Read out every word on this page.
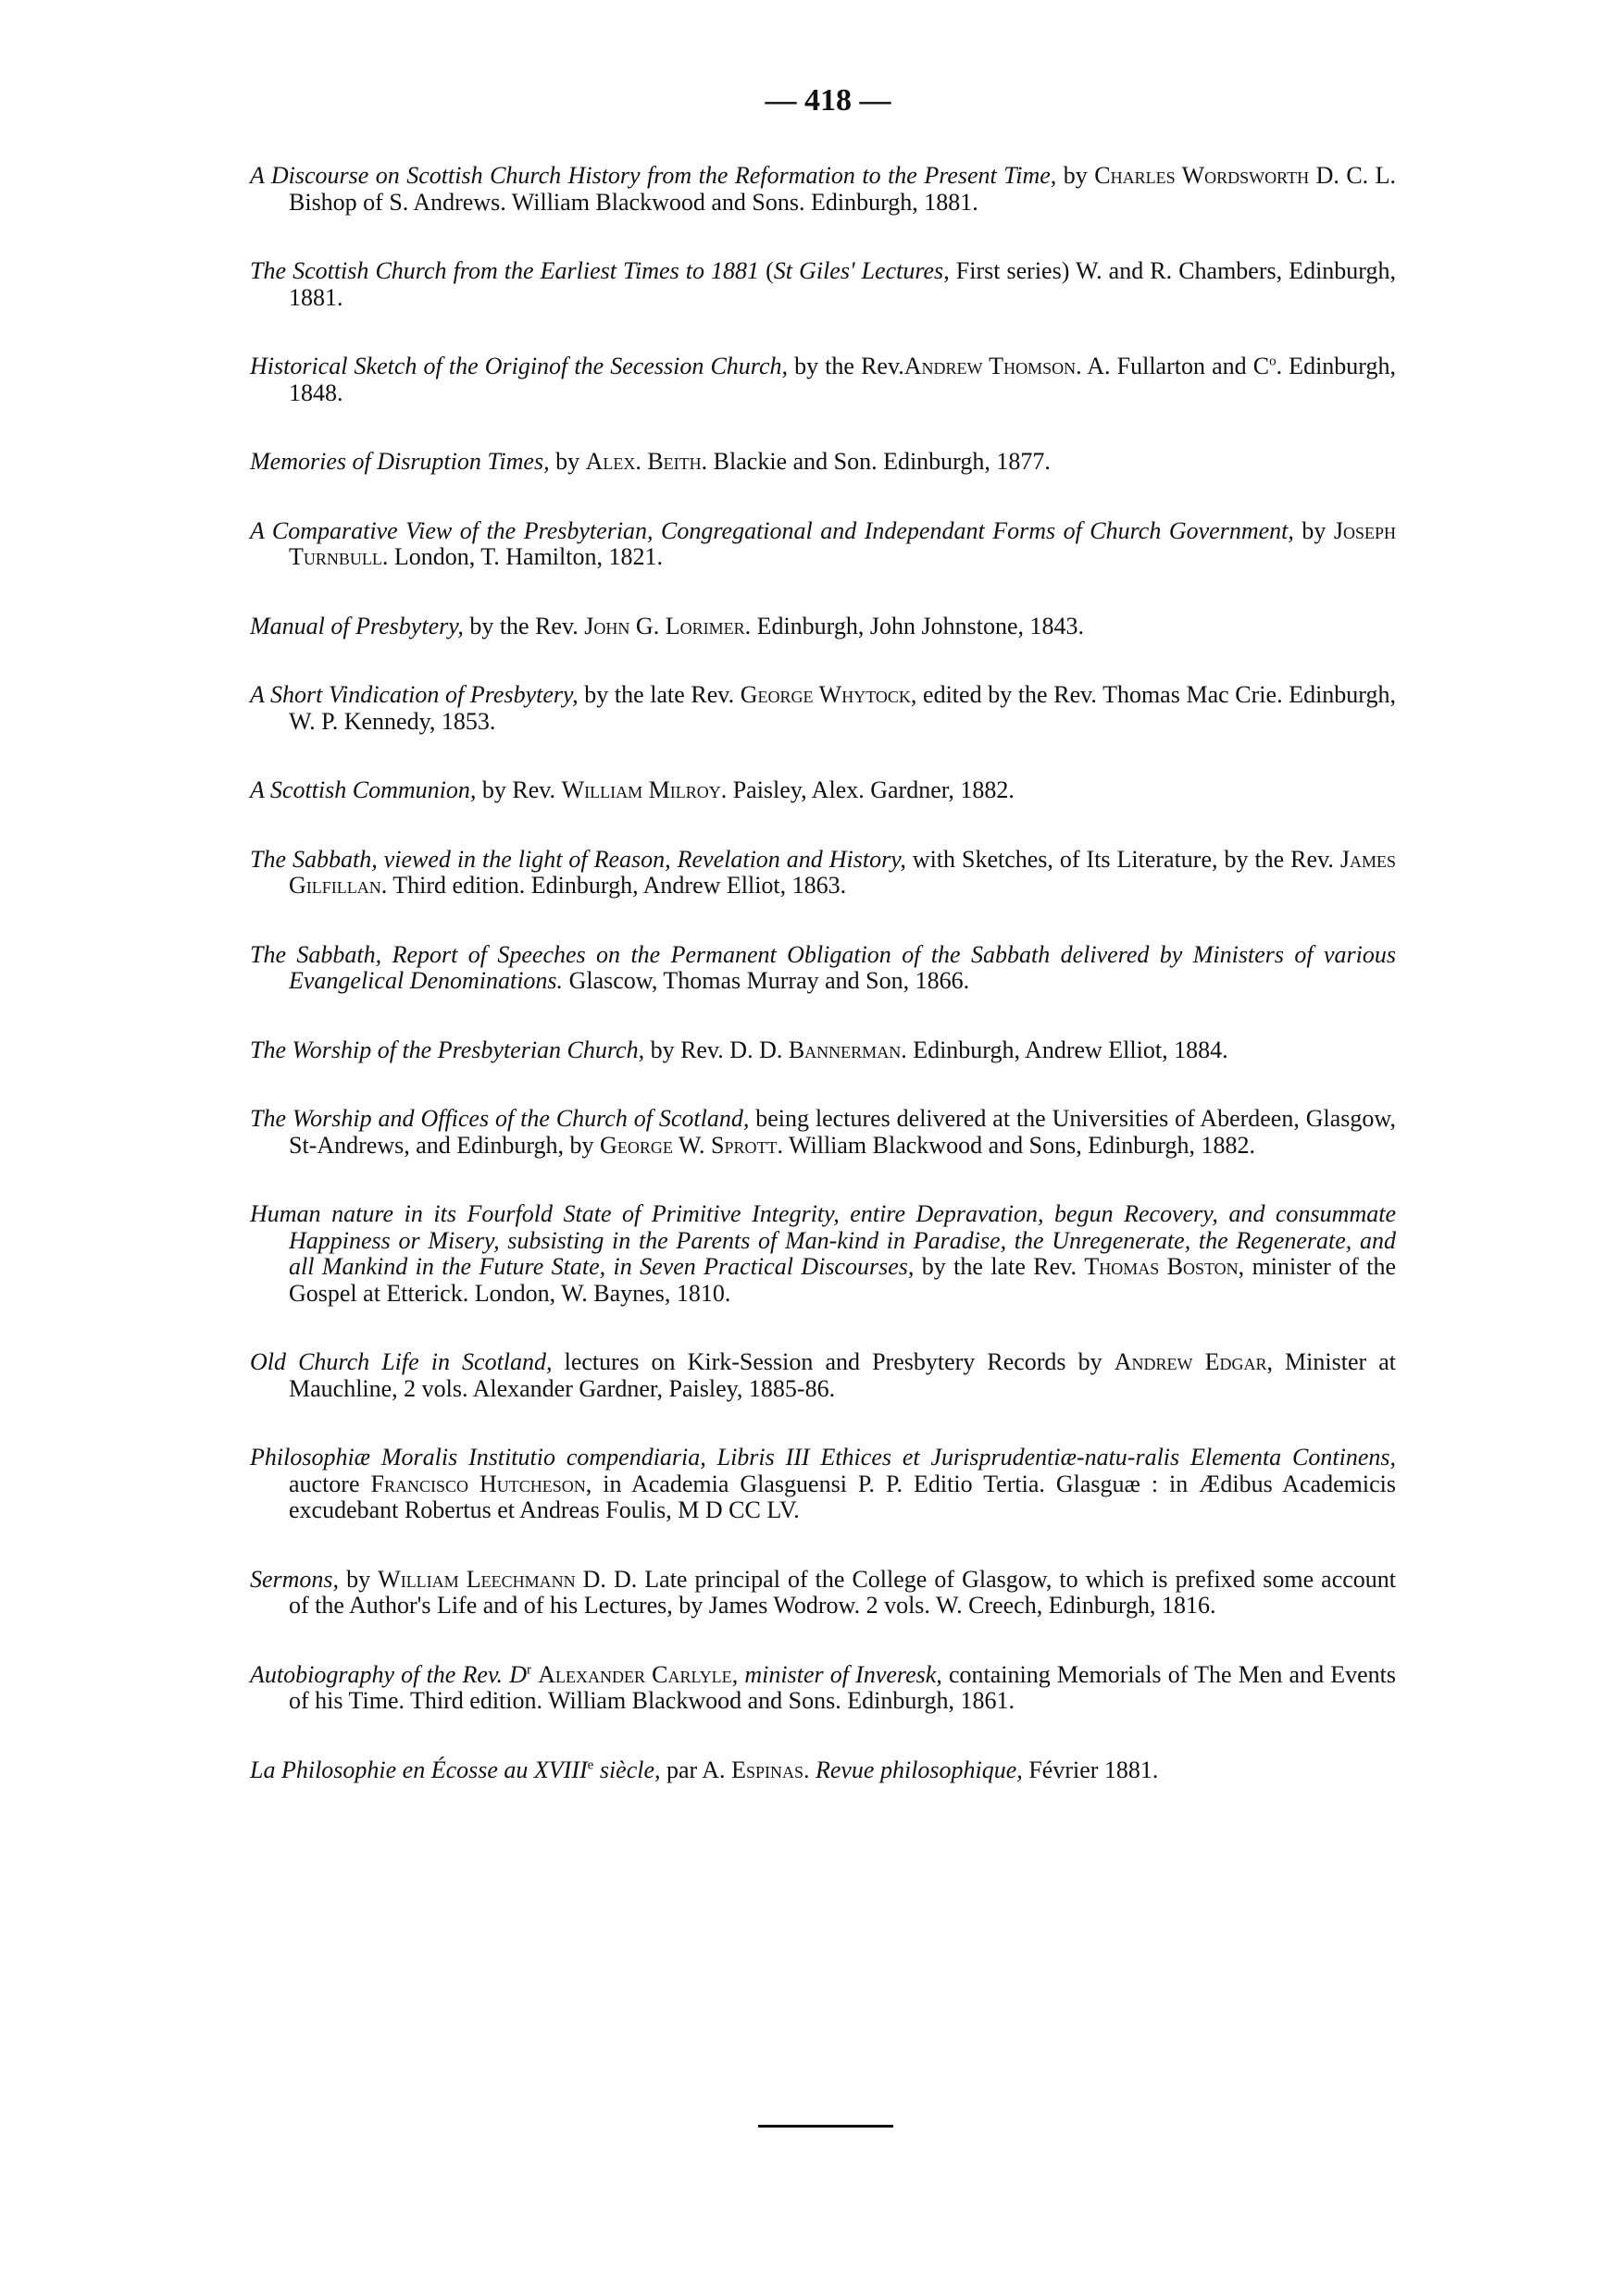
— 418 —
A Discourse on Scottish Church History from the Reformation to the Present Time, by Charles Wordsworth D. C. L. Bishop of S. Andrews. William Blackwood and Sons. Edinburgh, 1881.
The Scottish Church from the Earliest Times to 1881 (St Giles' Lectures, First series) W. and R. Chambers, Edinburgh, 1881.
Historical Sketch of the Originof the Secession Church, by the Rev.Andrew Thomson. A. Fullarton and $C^o$. Edinburgh, 1848.
Memories of Disruption Times, by Alex. Beith. Blackie and Son. Edinburgh, 1877.
A Comparative View of the Presbyterian, Congregational and Independant Forms of Church Government, by Joseph Turnbull. London, T. Hamilton, 1821.
Manual of Presbytery, by the Rev. John G. Lorimer. Edinburgh, John Johnstone, 1843.
A Short Vindication of Presbytery, by the late Rev. George Whytock, edited by the Rev. Thomas Mac Crie. Edinburgh, W. P. Kennedy, 1853.
A Scottish Communion, by Rev. William Milroy. Paisley, Alex. Gardner, 1882.
The Sabbath, viewed in the light of Reason, Revelation and History, with Sketches, of Its Literature, by the Rev. James Gilfillan. Third edition. Edinburgh, Andrew Elliot, 1863.
The Sabbath, Report of Speeches on the Permanent Obligation of the Sabbath delivered by Ministers of various Evangelical Denominations. Glascow, Thomas Murray and Son, 1866.
The Worship of the Presbyterian Church, by Rev. D. D. Bannerman. Edinburgh, Andrew Elliot, 1884.
The Worship and Offices of the Church of Scotland, being lectures delivered at the Universities of Aberdeen, Glasgow, St-Andrews, and Edinburgh, by George W. Sprott. William Blackwood and Sons, Edinburgh, 1882.
Human nature in its Fourfold State of Primitive Integrity, entire Depravation, begun Recovery, and consummate Happiness or Misery, subsisting in the Parents of Man-kind in Paradise, the Unregenerate, the Regenerate, and all Mankind in the Future State, in Seven Practical Discourses, by the late Rev. Thomas Boston, minister of the Gospel at Etterick. London, W. Baynes, 1810.
Old Church Life in Scotland, lectures on Kirk-Session and Presbytery Records by Andrew Edgar, Minister at Mauchline, 2 vols. Alexander Gardner, Paisley, 1885-86.
Philosophiæ Moralis Institutio compendiaria, Libris III Ethices et Jurisprudentiæ-natu-ralis Elementa Continens, auctore Francisco Hutcheson, in Academia Glasguensi P. P. Editio Tertia. Glasguæ : in Ædibus Academicis excudebant Robertus et Andreas Foulis, M D CC LV.
Sermons, by William Leechmann D. D. Late principal of the College of Glasgow, to which is prefixed some account of the Author's Life and of his Lectures, by James Wodrow. 2 vols. W. Creech, Edinburgh, 1816.
Autobiography of the Rev. $D^r$ Alexander Carlyle, minister of Inveresk, containing Memorials of The Men and Events of his Time. Third edition. William Blackwood and Sons. Edinburgh, 1861.
La Philosophie en Écosse au XVIIIe siècle, par A. Espinas. Revue philosophique, Février 1881.
